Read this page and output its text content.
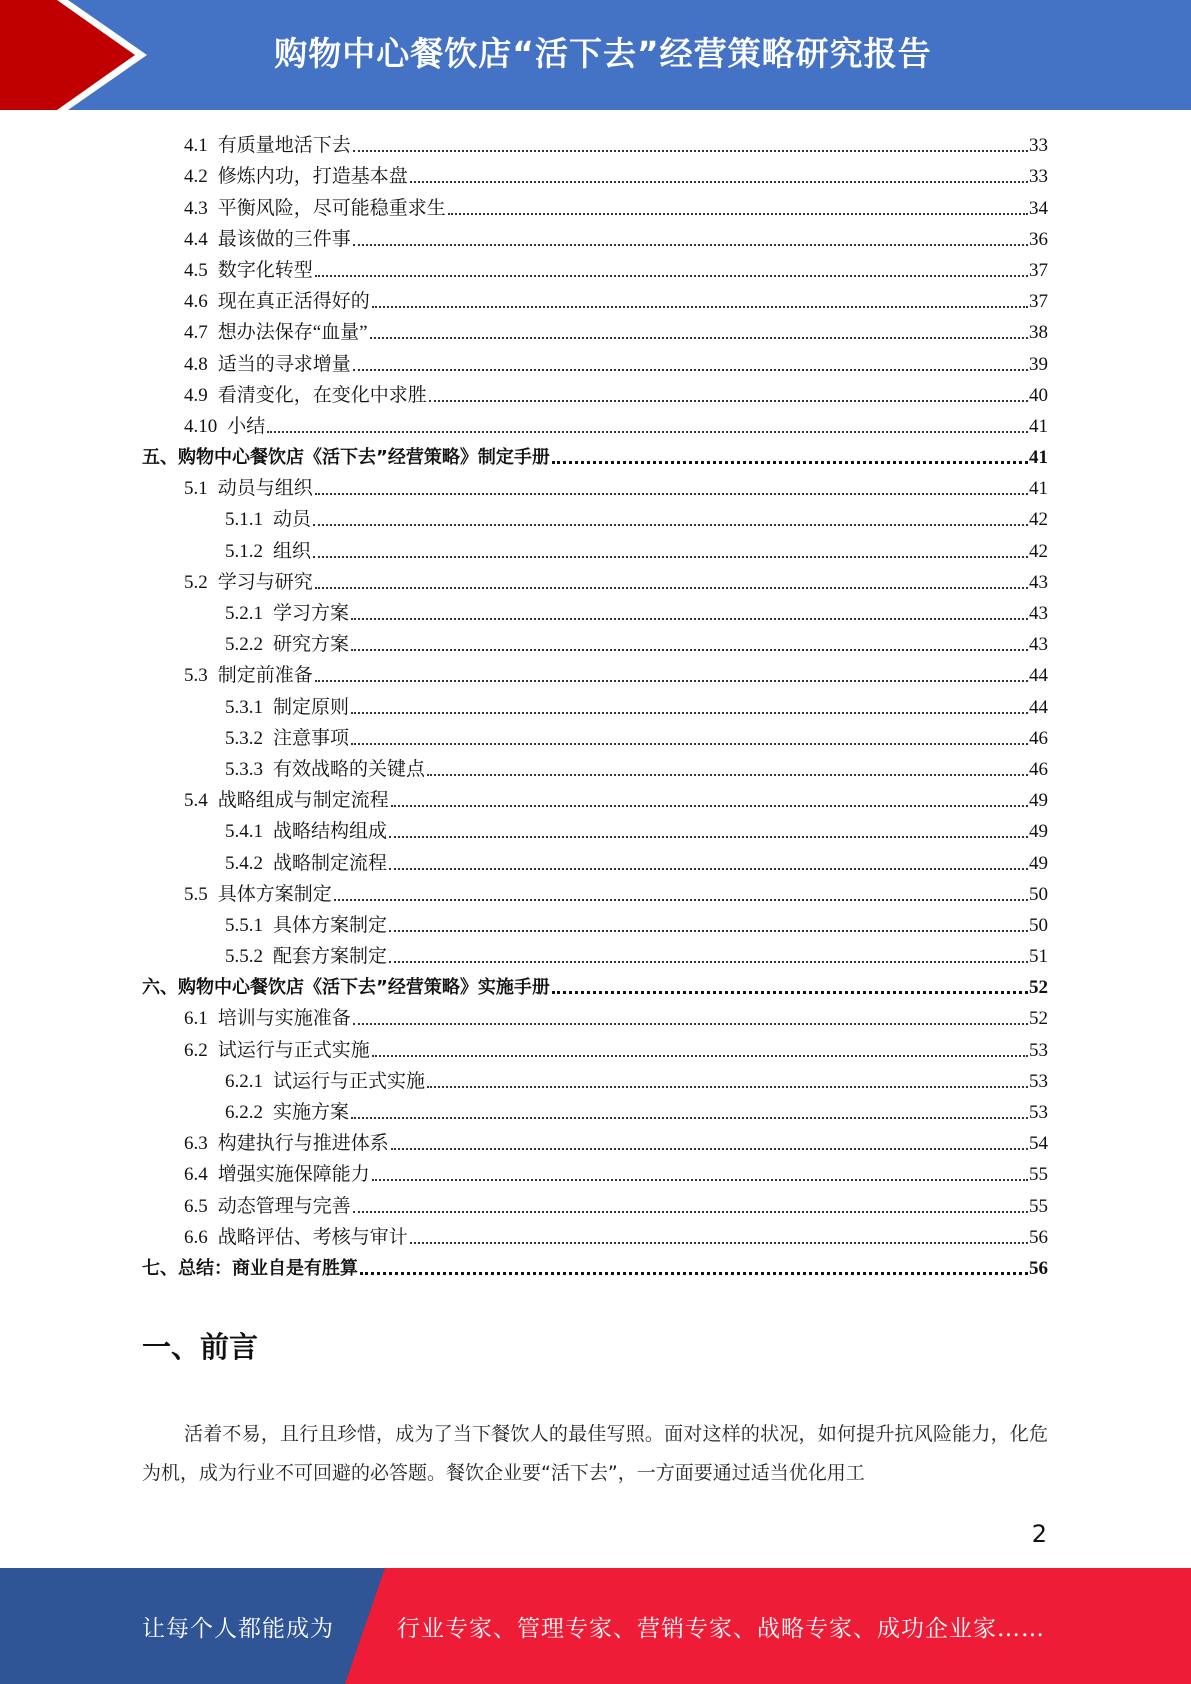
购物中心餐饮店“活下去”经营策略研究报告
4.1 有质量地活下去	33
4.2 修炼内功，打造基本盘	33
4.3 平衡风险，尽可能稳重求生	34
4.4 最该做的三件事	36
4.5 数字化转型	37
4.6 现在真正活得好的	37
4.7 想办法保存“血量”	38
4.8 适当的寻求增量	39
4.9 看清变化，在变化中求胜	40
4.10 小结	41
五、购物中心餐饮店《活下去”经营策略》制定手册	41
5.1 动员与组织	41
5.1.1 动员	42
5.1.2 组织	42
5.2 学习与研究	43
5.2.1 学习方案	43
5.2.2 研究方案	43
5.3 制定前准备	44
5.3.1 制定原则	44
5.3.2 注意事项	46
5.3.3 有效战略的关键点	46
5.4 战略组成与制定流程	49
5.4.1 战略结构组成	49
5.4.2 战略制定流程	49
5.5 具体方案制定	50
5.5.1 具体方案制定	50
5.5.2 配套方案制定	51
六、购物中心餐饮店《活下去”经营策略》实施手册	52
6.1 培训与实施准备	52
6.2 试运行与正式实施	53
6.2.1 试运行与正式实施	53
6.2.2 实施方案	53
6.3 构建执行与推进体系	54
6.4 增强实施保障能力	55
6.5 动态管理与完善	55
6.6 战略评估、考核与审计	56
七、总结：商业自是有胜算	56
一、前言
活着不易，且行且珍惜，成为了当下餐饮人的最佳写照。面对这样的状况，如何提升抗风险能力，化危为机，成为行业不可回避的必答题。餐饮企业要“活下去”，一方面要通过适当优化用工
2
让每个人都能成为	行业专家、管理专家、营销专家、战略专家、成功企业家……
